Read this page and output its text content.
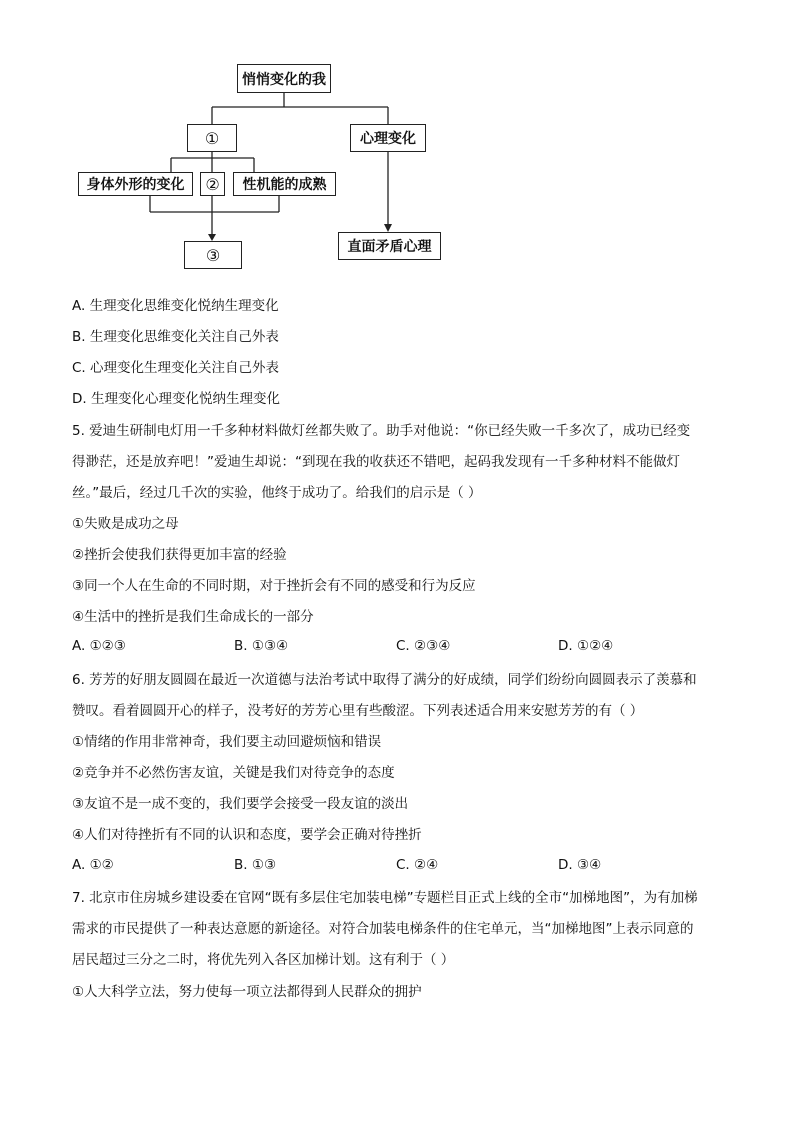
悄悄变化的我
①	心理变化
身体外形的变化	②	性机能的成熟
③	直面矛盾心理
A. 生理变化思维变化悦纳生理变化
B. 生理变化思维变化关注自己外表
C. 心理变化生理变化关注自己外表
D. 生理变化心理变化悦纳生理变化
5. 爱迪生研制电灯用一千多种材料做灯丝都失败了。助手对他说：“你已经失败一千多次了，成功已经变
得渺茫，还是放弃吧！”爱迪生却说：“到现在我的收获还不错吧，起码我发现有一千多种材料不能做灯
丝。”最后，经过几千次的实验，他终于成功了。给我们的启示是（ ）
①失败是成功之母
②挫折会使我们获得更加丰富的经验
③同一个人在生命的不同时期，对于挫折会有不同的感受和行为反应
④生活中的挫折是我们生命成长的一部分
A. ①②③	B. ①③④	C. ②③④	D. ①②④
6. 芳芳的好朋友圆圆在最近一次道德与法治考试中取得了满分的好成绩，同学们纷纷向圆圆表示了羡慕和
赞叹。看着圆圆开心的样子，没考好的芳芳心里有些酸涩。下列表述适合用来安慰芳芳的有（ ）
①情绪的作用非常神奇，我们要主动回避烦恼和错误
②竞争并不必然伤害友谊，关键是我们对待竞争的态度
③友谊不是一成不变的，我们要学会接受一段友谊的淡出
④人们对待挫折有不同的认识和态度，要学会正确对待挫折
A. ①②	B. ①③	C. ②④	D. ③④
7. 北京市住房城乡建设委在官网“既有多层住宅加装电梯”专题栏目正式上线的全市“加梯地图”，为有加梯
需求的市民提供了一种表达意愿的新途径。对符合加装电梯条件的住宅单元，当“加梯地图”上表示同意的
居民超过三分之二时，将优先列入各区加梯计划。这有利于（ ）
①人大科学立法，努力使每一项立法都得到人民群众的拥护
